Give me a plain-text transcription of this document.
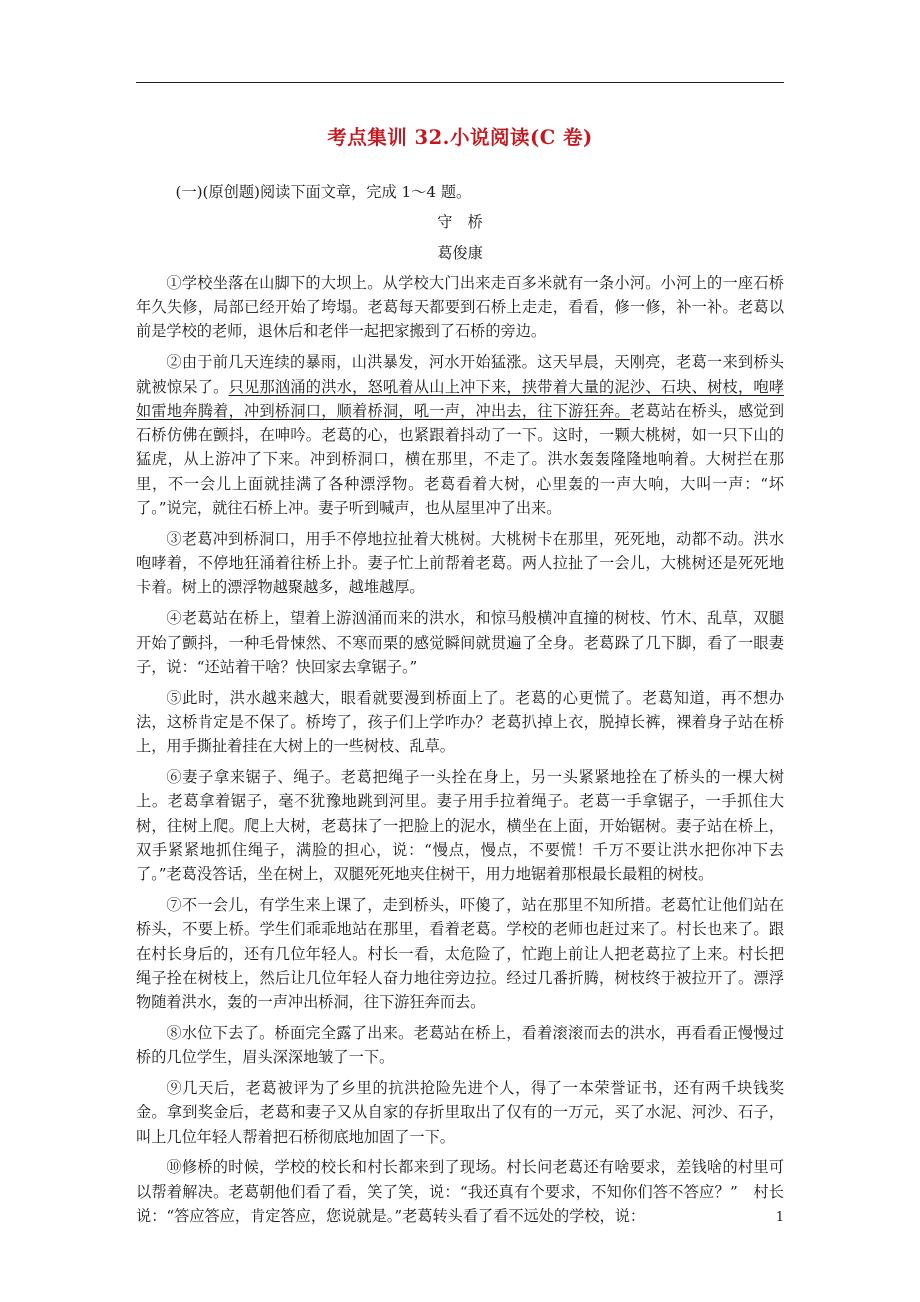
考点集训 32.小说阅读(C 卷)

(一)(原创题)阅读下面文章，完成 1～4 题。

守　桥

葛俊康

①学校坐落在山脚下的大坝上。从学校大门出来走百多米就有一条小河。小河上的一座石桥年久失修，局部已经开始了垮塌。老葛每天都要到石桥上走走，看看，修一修，补一补。老葛以前是学校的老师，退休后和老伴一起把家搬到了石桥的旁边。

②由于前几天连续的暴雨，山洪暴发，河水开始猛涨。这天早晨，天刚亮，老葛一来到桥头就被惊呆了。只见那汹涌的洪水，怒吼着从山上冲下来，挟带着大量的泥沙、石块、树枝，咆哮如雷地奔腾着，冲到桥洞口，顺着桥洞，吼一声，冲出去，往下游狂奔。老葛站在桥头，感觉到石桥仿佛在颤抖，在呻吟。老葛的心，也紧跟着抖动了一下。这时，一颗大桃树，如一只下山的猛虎，从上游冲了下来。冲到桥洞口，横在那里，不走了。洪水轰轰隆隆地响着。大树拦在那里，不一会儿上面就挂满了各种漂浮物。老葛看着大树，心里轰的一声大响，大叫一声：“坏了。”说完，就往石桥上冲。妻子听到喊声，也从屋里冲了出来。

③老葛冲到桥洞口，用手不停地拉扯着大桃树。大桃树卡在那里，死死地，动都不动。洪水咆哮着，不停地狂涌着往桥上扑。妻子忙上前帮着老葛。两人拉扯了一会儿，大桃树还是死死地卡着。树上的漂浮物越聚越多，越堆越厚。

④老葛站在桥上，望着上游汹涌而来的洪水，和惊马般横冲直撞的树枝、竹木、乱草，双腿开始了颤抖，一种毛骨悚然、不寒而栗的感觉瞬间就贯遍了全身。老葛跺了几下脚，看了一眼妻子，说：“还站着干啥？快回家去拿锯子。”

⑤此时，洪水越来越大，眼看就要漫到桥面上了。老葛的心更慌了。老葛知道，再不想办法，这桥肯定是不保了。桥垮了，孩子们上学咋办？老葛扒掉上衣，脱掉长裤，裸着身子站在桥上，用手撕扯着挂在大树上的一些树枝、乱草。

⑥妻子拿来锯子、绳子。老葛把绳子一头拴在身上，另一头紧紧地拴在了桥头的一棵大树上。老葛拿着锯子，毫不犹豫地跳到河里。妻子用手拉着绳子。老葛一手拿锯子，一手抓住大树，往树上爬。爬上大树，老葛抹了一把脸上的泥水，横坐在上面，开始锯树。妻子站在桥上，双手紧紧地抓住绳子，满脸的担心，说：“慢点，慢点，不要慌！千万不要让洪水把你冲下去了。”老葛没答话，坐在树上，双腿死死地夹住树干，用力地锯着那根最长最粗的树枝。

⑦不一会儿，有学生来上课了，走到桥头，吓傻了，站在那里不知所措。老葛忙让他们站在桥头，不要上桥。学生们乖乖地站在那里，看着老葛。学校的老师也赶过来了。村长也来了。跟在村长身后的，还有几位年轻人。村长一看，太危险了，忙跑上前让人把老葛拉了上来。村长把绳子拴在树枝上，然后让几位年轻人奋力地往旁边拉。经过几番折腾，树枝终于被拉开了。漂浮物随着洪水，轰的一声冲出桥洞，往下游狂奔而去。

⑧水位下去了。桥面完全露了出来。老葛站在桥上，看着滚滚而去的洪水，再看看正慢慢过桥的几位学生，眉头深深地皱了一下。

⑨几天后，老葛被评为了乡里的抗洪抢险先进个人，得了一本荣誉证书，还有两千块钱奖金。拿到奖金后，老葛和妻子又从自家的存折里取出了仅有的一万元，买了水泥、河沙、石子，叫上几位年轻人帮着把石桥彻底地加固了一下。

⑩修桥的时候，学校的校长和村长都来到了现场。村长问老葛还有啥要求，差钱啥的村里可以帮着解决。老葛朝他们看了看，笑了笑，说：“我还真有个要求，不知你们答不答应？”　村长说：“答应答应，肯定答应，您说就是。”老葛转头看了看不远处的学校，说：	1
